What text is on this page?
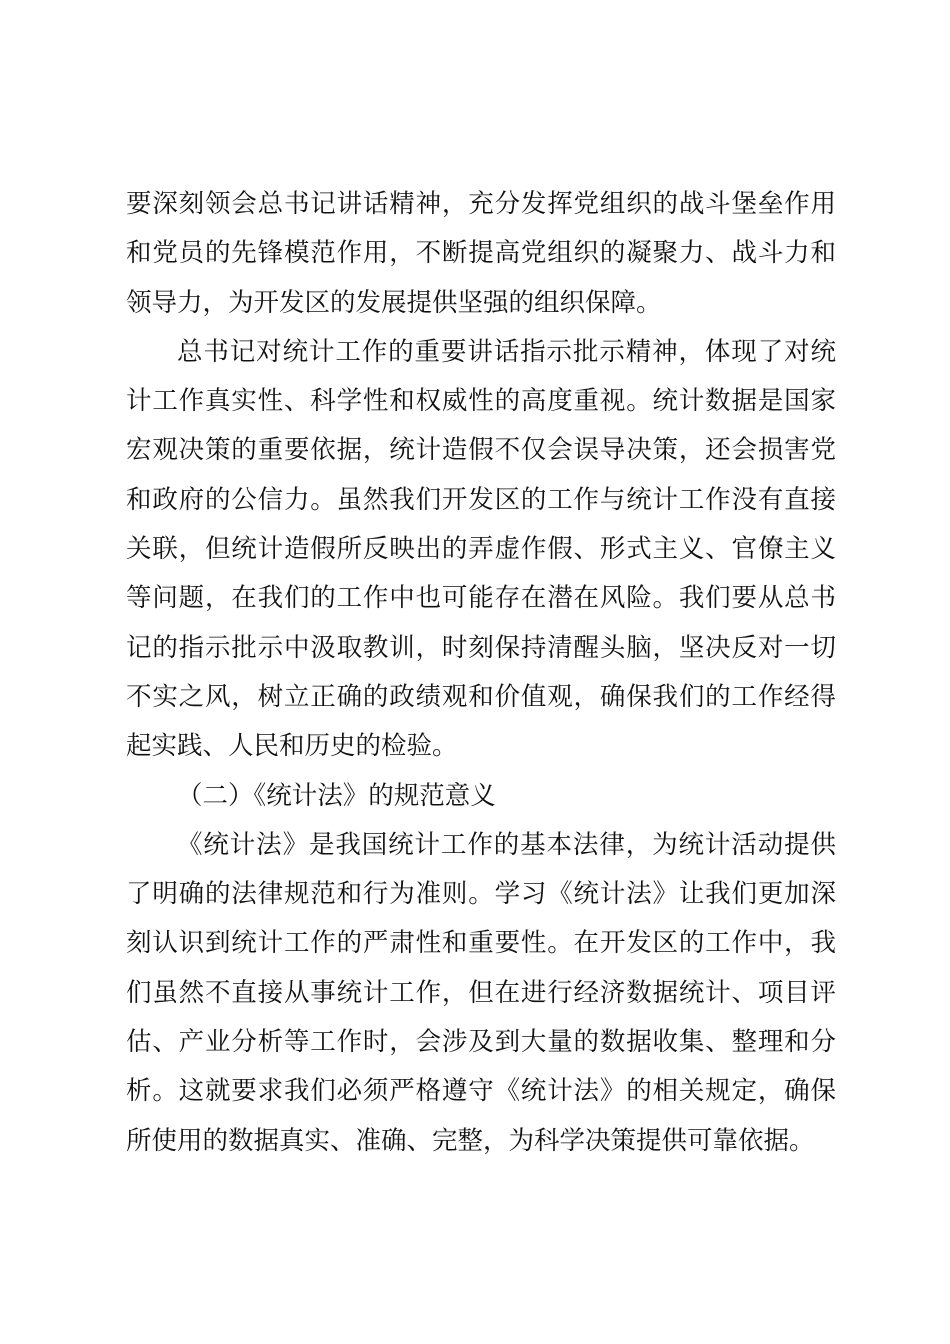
要深刻领会总书记讲话精神，充分发挥党组织的战斗堡垒作用
和党员的先锋模范作用，不断提高党组织的凝聚力、战斗力和
领导力，为开发区的发展提供坚强的组织保障。
总书记对统计工作的重要讲话指示批示精神，体现了对统
计工作真实性、科学性和权威性的高度重视。统计数据是国家
宏观决策的重要依据，统计造假不仅会误导决策，还会损害党
和政府的公信力。虽然我们开发区的工作与统计工作没有直接
关联，但统计造假所反映出的弄虚作假、形式主义、官僚主义
等问题，在我们的工作中也可能存在潜在风险。我们要从总书
记的指示批示中汲取教训，时刻保持清醒头脑，坚决反对一切
不实之风，树立正确的政绩观和价值观，确保我们的工作经得
起实践、人民和历史的检验。
（二）《统计法》的规范意义
《统计法》是我国统计工作的基本法律，为统计活动提供
了明确的法律规范和行为准则。学习《统计法》让我们更加深
刻认识到统计工作的严肃性和重要性。在开发区的工作中，我
们虽然不直接从事统计工作，但在进行经济数据统计、项目评
估、产业分析等工作时，会涉及到大量的数据收集、整理和分
析。这就要求我们必须严格遵守《统计法》的相关规定，确保
所使用的数据真实、准确、完整，为科学决策提供可靠依据。
